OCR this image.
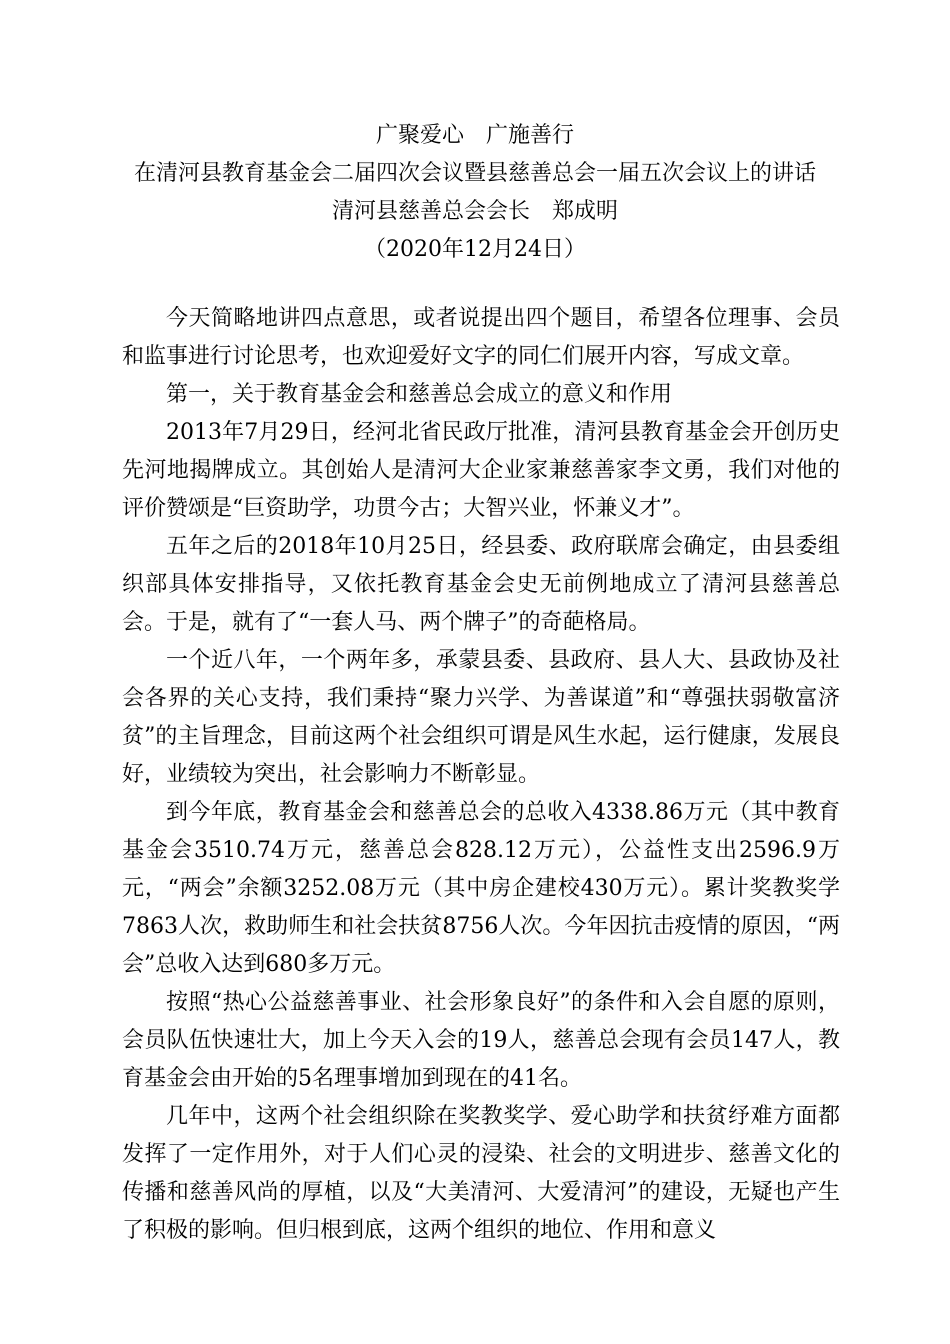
广聚爱心　广施善行
在清河县教育基金会二届四次会议暨县慈善总会一届五次会议上的讲话
清河县慈善总会会长　郑成明
（2020年12月24日）

今天简略地讲四点意思，或者说提出四个题目，希望各位理事、会员和监事进行讨论思考，也欢迎爱好文字的同仁们展开内容，写成文章。

第一，关于教育基金会和慈善总会成立的意义和作用

2013年7月29日，经河北省民政厅批准，清河县教育基金会开创历史先河地揭牌成立。其创始人是清河大企业家兼慈善家李文勇，我们对他的评价赞颂是“巨资助学，功贯今古；大智兴业，怀兼义才”。

五年之后的2018年10月25日，经县委、政府联席会确定，由县委组织部具体安排指导，又依托教育基金会史无前例地成立了清河县慈善总会。于是，就有了“一套人马、两个牌子”的奇葩格局。

一个近八年，一个两年多，承蒙县委、县政府、县人大、县政协及社会各界的关心支持，我们秉持“聚力兴学、为善谋道”和“尊强扶弱敬富济贫”的主旨理念，目前这两个社会组织可谓是风生水起，运行健康，发展良好，业绩较为突出，社会影响力不断彰显。

到今年底，教育基金会和慈善总会的总收入4338.86万元（其中教育基金会3510.74万元，慈善总会828.12万元），公益性支出2596.9万元，“两会”余额3252.08万元（其中房企建校430万元）。累计奖教奖学7863人次，救助师生和社会扶贫8756人次。今年因抗击疫情的原因，“两会”总收入达到680多万元。

按照“热心公益慈善事业、社会形象良好”的条件和入会自愿的原则，会员队伍快速壮大，加上今天入会的19人，慈善总会现有会员147人，教育基金会由开始的5名理事增加到现在的41名。

几年中，这两个社会组织除在奖教奖学、爱心助学和扶贫纾难方面都发挥了一定作用外，对于人们心灵的浸染、社会的文明进步、慈善文化的传播和慈善风尚的厚植，以及“大美清河、大爱清河”的建设，无疑也产生了积极的影响。但归根到底，这两个组织的地位、作用和意义
